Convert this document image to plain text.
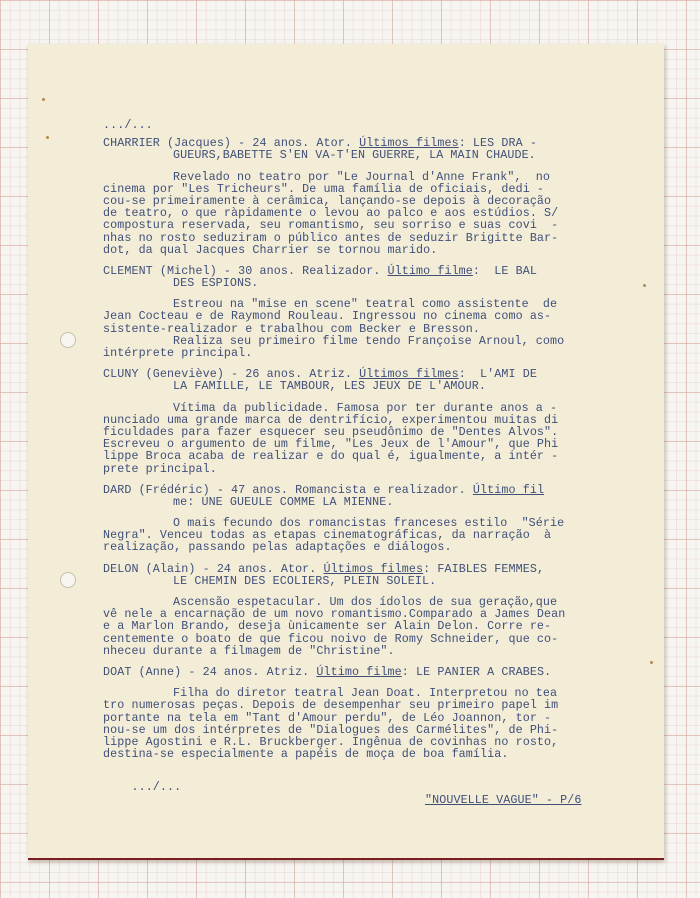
.../...
CHARRIER (Jacques) - 24 anos. Ator. Últimos filmes: LES DRA -
GUEURS,BABETTE S'EN VA-T'EN GUERRE, LA MAIN CHAUDE.
Revelado no teatro por "Le Journal d'Anne Frank",  no
cinema por "Les Tricheurs". De uma família de oficiais, dedi -
cou-se primeiramente à cerâmica, lançando-se depois à decoração
de teatro, o que ràpidamente o levou ao palco e aos estúdios. S/
compostura reservada, seu romantismo, seu sorriso e suas covi  -
nhas no rosto seduziram o público antes de seduzir Brigitte Bar-
dot, da qual Jacques Charrier se tornou marido.
CLEMENT (Michel) - 30 anos. Realizador. Último filme:  LE BAL
DES ESPIONS.
Estreou na "mise en scene" teatral como assistente  de
Jean Cocteau e de Raymond Rouleau. Ingressou no cinema como as-
sistente-realizador e trabalhou com Becker e Bresson.
Realiza seu primeiro filme tendo Françoise Arnoul, como
intérprete principal.
CLUNY (Geneviève) - 26 anos. Atriz. Últimos filmes:  L'AMI DE
LA FAMILLE, LE TAMBOUR, LES JEUX DE L'AMOUR.
Vítima da publicidade. Famosa por ter durante anos a -
nunciado uma grande marca de dentrifício, experimentou muitas di
ficuldades para fazer esquecer seu pseudônimo de "Dentes Alvos".
Escreveu o argumento de um filme, "Les Jeux de l'Amour", que Phi
lippe Broca acaba de realizar e do qual é, igualmente, a intér -
prete principal.
DARD (Frédéric) - 47 anos. Romancista e realizador. Último fil
me: UNE GUEULE COMME LA MIENNE.
O mais fecundo dos romancistas franceses estilo  "Série
Negra". Venceu todas as etapas cinematográficas, da narração  à
realização, passando pelas adaptações e diálogos.
DELON (Alain) - 24 anos. Ator. Últimos filmes: FAIBLES FEMMES,
LE CHEMIN DES ECOLIERS, PLEIN SOLEIL.
Ascensão espetacular. Um dos ídolos de sua geração,que
vê nele a encarnação de um novo romantismo.Comparado a James Dean
e a Marlon Brando, deseja ùnicamente ser Alain Delon. Corre re-
centemente o boato de que ficou noivo de Romy Schneider, que co-
nheceu durante a filmagem de "Christine".
DOAT (Anne) - 24 anos. Atriz. Último filme: LE PANIER A CRABES.
Filha do diretor teatral Jean Doat. Interpretou no tea
tro numerosas peças. Depois de desempenhar seu primeiro papel im
portante na tela em "Tant d'Amour perdu", de Léo Joannon, tor -
nou-se um dos intérpretes de "Dialogues des Carmélites", de Phi-
lippe Agostini e R.L. Bruckberger. Ingênua de covinhas no rosto,
destina-se especialmente a papéis de moça de boa família.

.../...

"NOUVELLE VAGUE" - P/6
